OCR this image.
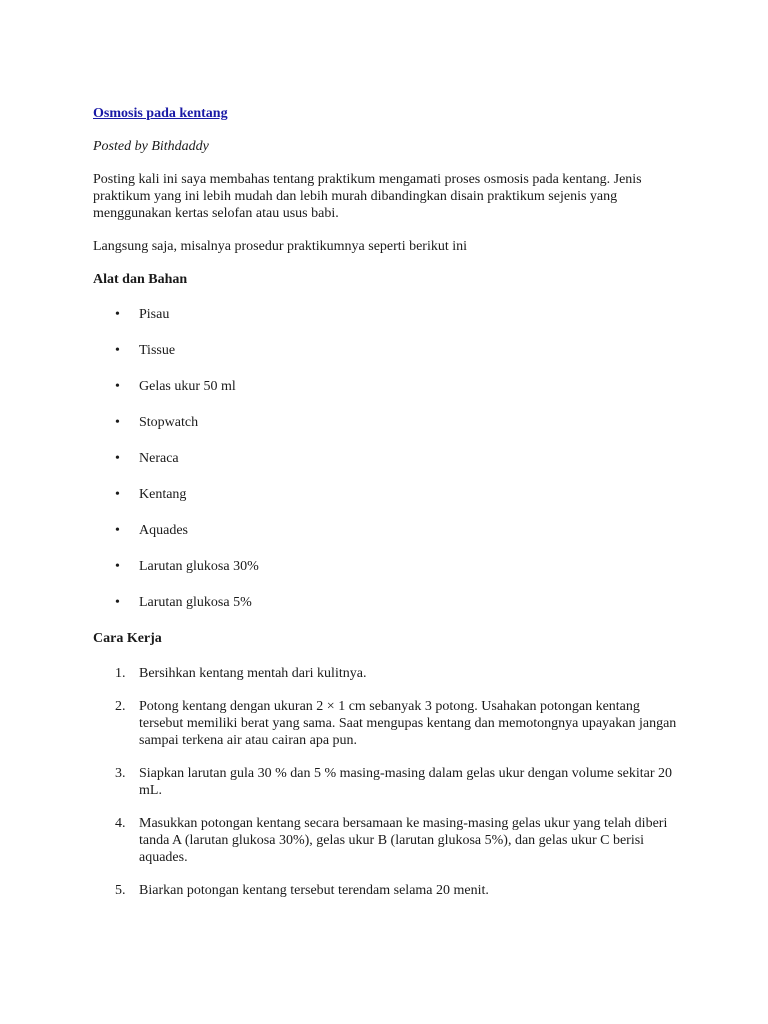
Osmosis pada kentang
Posted by Bithdaddy
Posting kali ini saya membahas tentang praktikum mengamati proses osmosis pada kentang. Jenis praktikum yang ini lebih mudah dan lebih murah dibandingkan disain praktikum sejenis yang menggunakan kertas selofan atau usus babi.
Langsung saja, misalnya prosedur praktikumnya seperti berikut ini
Alat dan Bahan
• Pisau
• Tissue
• Gelas ukur 50 ml
• Stopwatch
• Neraca
• Kentang
• Aquades
• Larutan glukosa 30%
• Larutan glukosa 5%
Cara Kerja
1. Bersihkan kentang mentah dari kulitnya.
2. Potong kentang dengan ukuran 2 × 1 cm sebanyak 3 potong. Usahakan potongan kentang tersebut memiliki berat yang sama. Saat mengupas kentang dan memotongnya upayakan jangan sampai terkena air atau cairan apa pun.
3. Siapkan larutan gula 30 % dan 5 % masing-masing dalam gelas ukur dengan volume sekitar 20 mL.
4. Masukkan potongan kentang secara bersamaan ke masing-masing gelas ukur yang telah diberi tanda A (larutan glukosa 30%), gelas ukur B (larutan glukosa 5%), dan gelas ukur C berisi aquades.
5. Biarkan potongan kentang tersebut terendam selama 20 menit.
